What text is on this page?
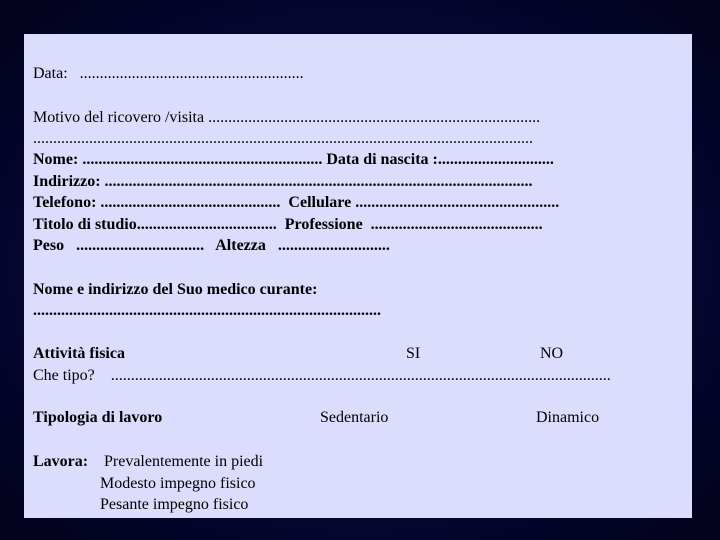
Data: ........................................................
Motivo del ricovero /visita ...................................................................................
.............................................................................................................................
Nome: ............................................................ Data di nascita :.............................
Indirizzo: ...........................................................................................................
Telefono: ............................................. Cellulare ...................................................
Titolo di studio................................... Professione ...........................................
Peso ................................ Altezza ............................
Nome e indirizzo del Suo medico curante:
.......................................................................................
Attività fisica	SI	NO
Che tipo? .............................................................................................................................
Tipologia di lavoro	Sedentario	Dinamico
Lavora: Prevalentemente in piedi
Modesto impegno fisico
Pesante impegno fisico
